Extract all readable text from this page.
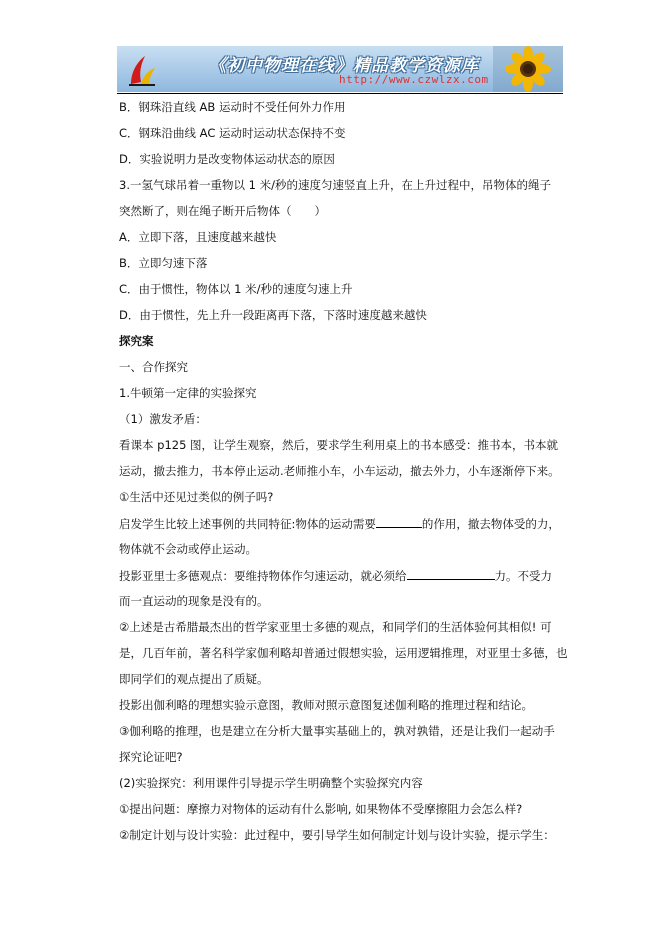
《初中物理在线》精品教学资源库
http://www.czwlzx.com
B．钢珠沿直线 AB 运动时不受任何外力作用
C．钢珠沿曲线 AC 运动时运动状态保持不变
D．实验说明力是改变物体运动状态的原因
3.一氢气球吊着一重物以 1 米/秒的速度匀速竖直上升，在上升过程中，吊物体的绳子
突然断了，则在绳子断开后物体（　　）
A．立即下落，且速度越来越快
B．立即匀速下落
C．由于惯性，物体以 1 米/秒的速度匀速上升
D．由于惯性，先上升一段距离再下落，下落时速度越来越快
探究案
一、合作探究
1.牛顿第一定律的实验探究
（1）激发矛盾：
看课本 p125 图，让学生观察，然后，要求学生利用桌上的书本感受：推书本，书本就
运动，撤去推力，书本停止运动.老师推小车，小车运动，撤去外力，小车逐渐停下来。
①生活中还见过类似的例子吗?
启发学生比较上述事例的共同特征:物体的运动需要	的作用，撤去物体受的力，
物体就不会动或停止运动。
投影亚里士多德观点：要维持物体作匀速运动，就必须给	力。不受力
而一直运动的现象是没有的。
②上述是古希腊最杰出的哲学家亚里士多德的观点，和同学们的生活体验何其相似! 可
是，几百年前，著名科学家伽利略却普通过假想实验，运用逻辑推理，对亚里士多德，也
即同学们的观点提出了质疑。
投影出伽利略的理想实验示意图，教师对照示意图复述伽利略的推理过程和结论。
③伽利略的推理，也是建立在分析大量事实基础上的，孰对孰错，还是让我们一起动手
探究论证吧?
(2)实验探究：利用课件引导提示学生明确整个实验探究内容
①提出问题：摩擦力对物体的运动有什么影响, 如果物体不受摩擦阻力会怎么样?
②制定计划与设计实验：此过程中，要引导学生如何制定计划与设计实验，提示学生：
